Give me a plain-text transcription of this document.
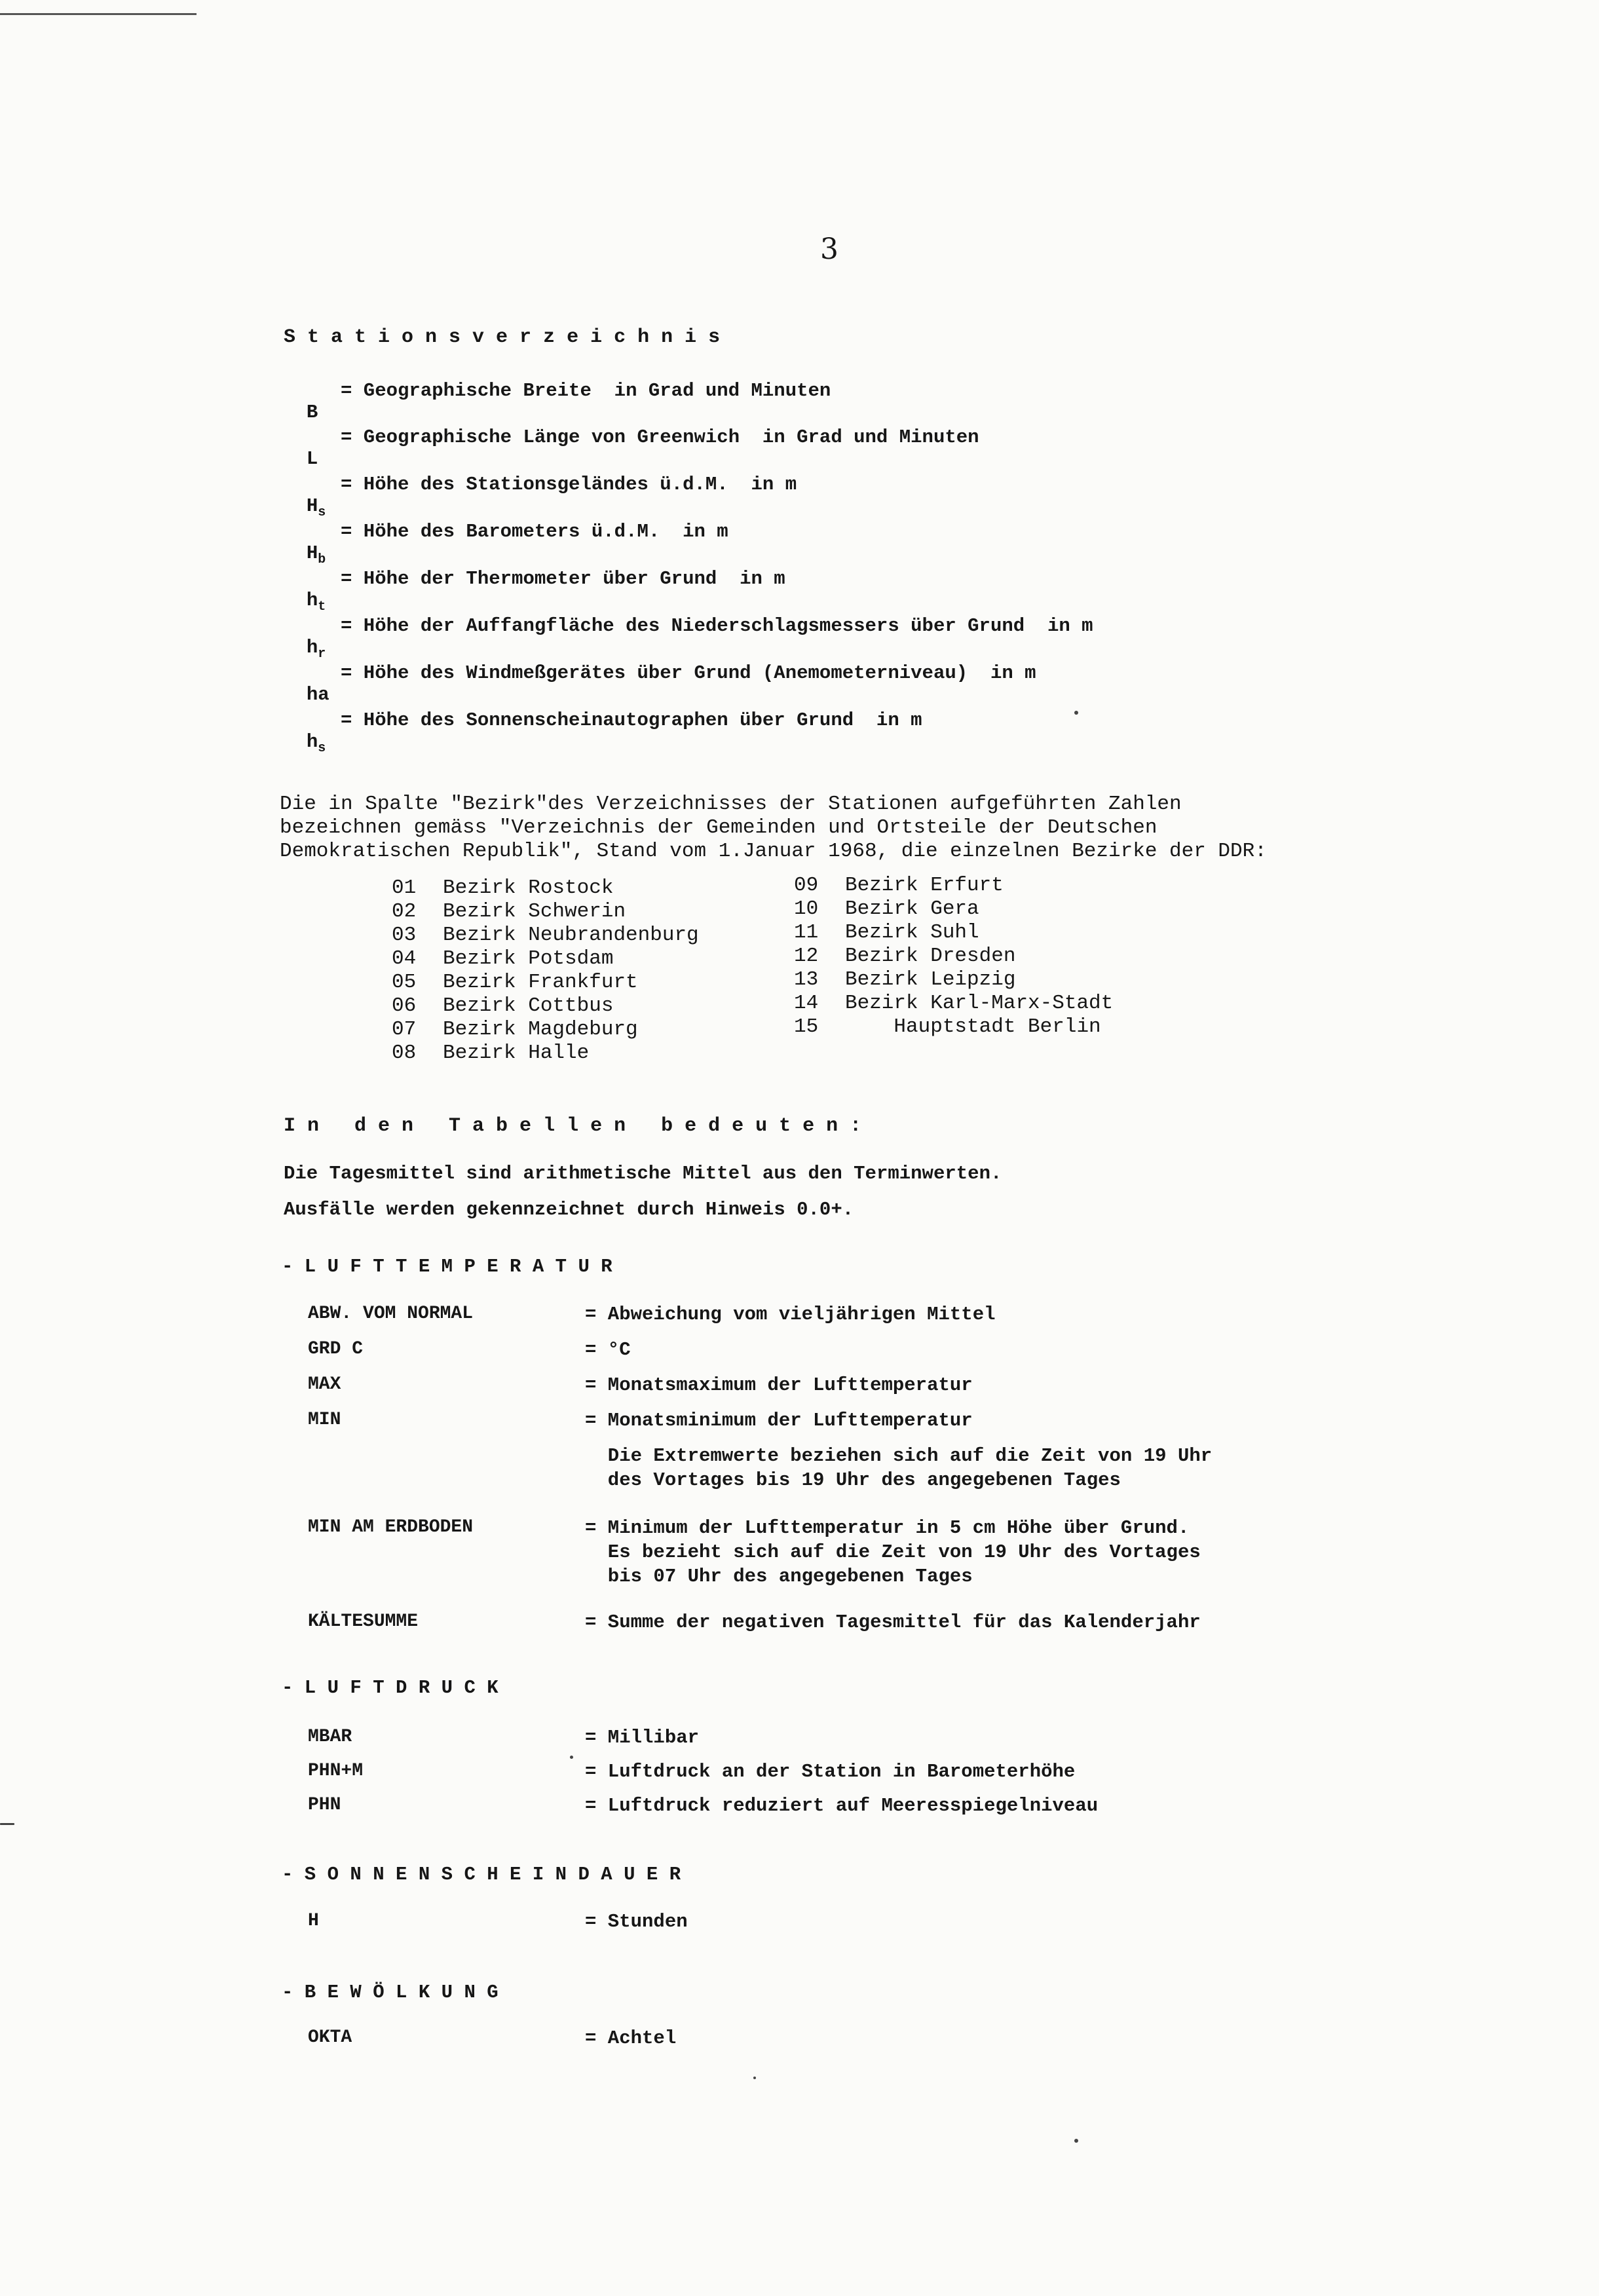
3
S t a t i o n s v e r z e i c h n i s

B

= Geographische Breite  in Grad und Minuten

L

= Geographische Länge von Greenwich  in Grad und Minuten

$H_s$

= Höhe des Stationsgeländes ü.d.M.  in m

$H_b$

= Höhe des Barometers ü.d.M.  in m

$h_t$

= Höhe der Thermometer über Grund  in m

$h_r$

= Höhe der Auffangfläche des Niederschlagsmessers über Grund  in m

ha

= Höhe des Windmeßgerätes über Grund (Anemometerniveau)  in m

$h_s$

= Höhe des Sonnenscheinautographen über Grund  in m
Die in Spalte "Bezirk"des Verzeichnisses der Stationen aufgeführten Zahlen
bezeichnen gemäss "Verzeichnis der Gemeinden und Ortsteile der Deutschen
Demokratischen Republik", Stand vom 1.Januar 1968, die einzelnen Bezirke der DDR:
01 Bezirk Rostock
02 Bezirk Schwerin
03 Bezirk Neubrandenburg
04 Bezirk Potsdam
05 Bezirk Frankfurt
06 Bezirk Cottbus
07 Bezirk Magdeburg
08 Bezirk Halle
09 Bezirk Erfurt
10 Bezirk Gera
11 Bezirk Suhl
12 Bezirk Dresden
13 Bezirk Leipzig
14 Bezirk Karl-Marx-Stadt
15    Hauptstadt Berlin
I n   d e n   T a b e l l e n   b e d e u t e n :
Die Tagesmittel sind arithmetische Mittel aus den Terminwerten.
Ausfälle werden gekennzeichnet durch Hinweis 0.0+.
- L U F T T E M P E R A T U R
ABW. VOM NORMAL	= Abweichung vom vieljährigen Mittel
GRD C	= °C
MAX	= Monatsmaximum der Lufttemperatur
MIN	= Monatsminimum der Lufttemperatur
Die Extremwerte beziehen sich auf die Zeit von 19 Uhr
des Vortages bis 19 Uhr des angegebenen Tages
MIN AM ERDBODEN	= Minimum der Lufttemperatur in 5 cm Höhe über Grund.
Es bezieht sich auf die Zeit von 19 Uhr des Vortages
bis 07 Uhr des angegebenen Tages
KÄLTESUMME	= Summe der negativen Tagesmittel für das Kalenderjahr
- L U F T D R U C K
MBAR	= Millibar
PHN+M	= Luftdruck an der Station in Barometerhöhe
PHN	= Luftdruck reduziert auf Meeresspiegelniveau
- S O N N E N S C H E I N D A U E R
H	= Stunden
- B E W Ö L K U N G
OKTA	= Achtel
